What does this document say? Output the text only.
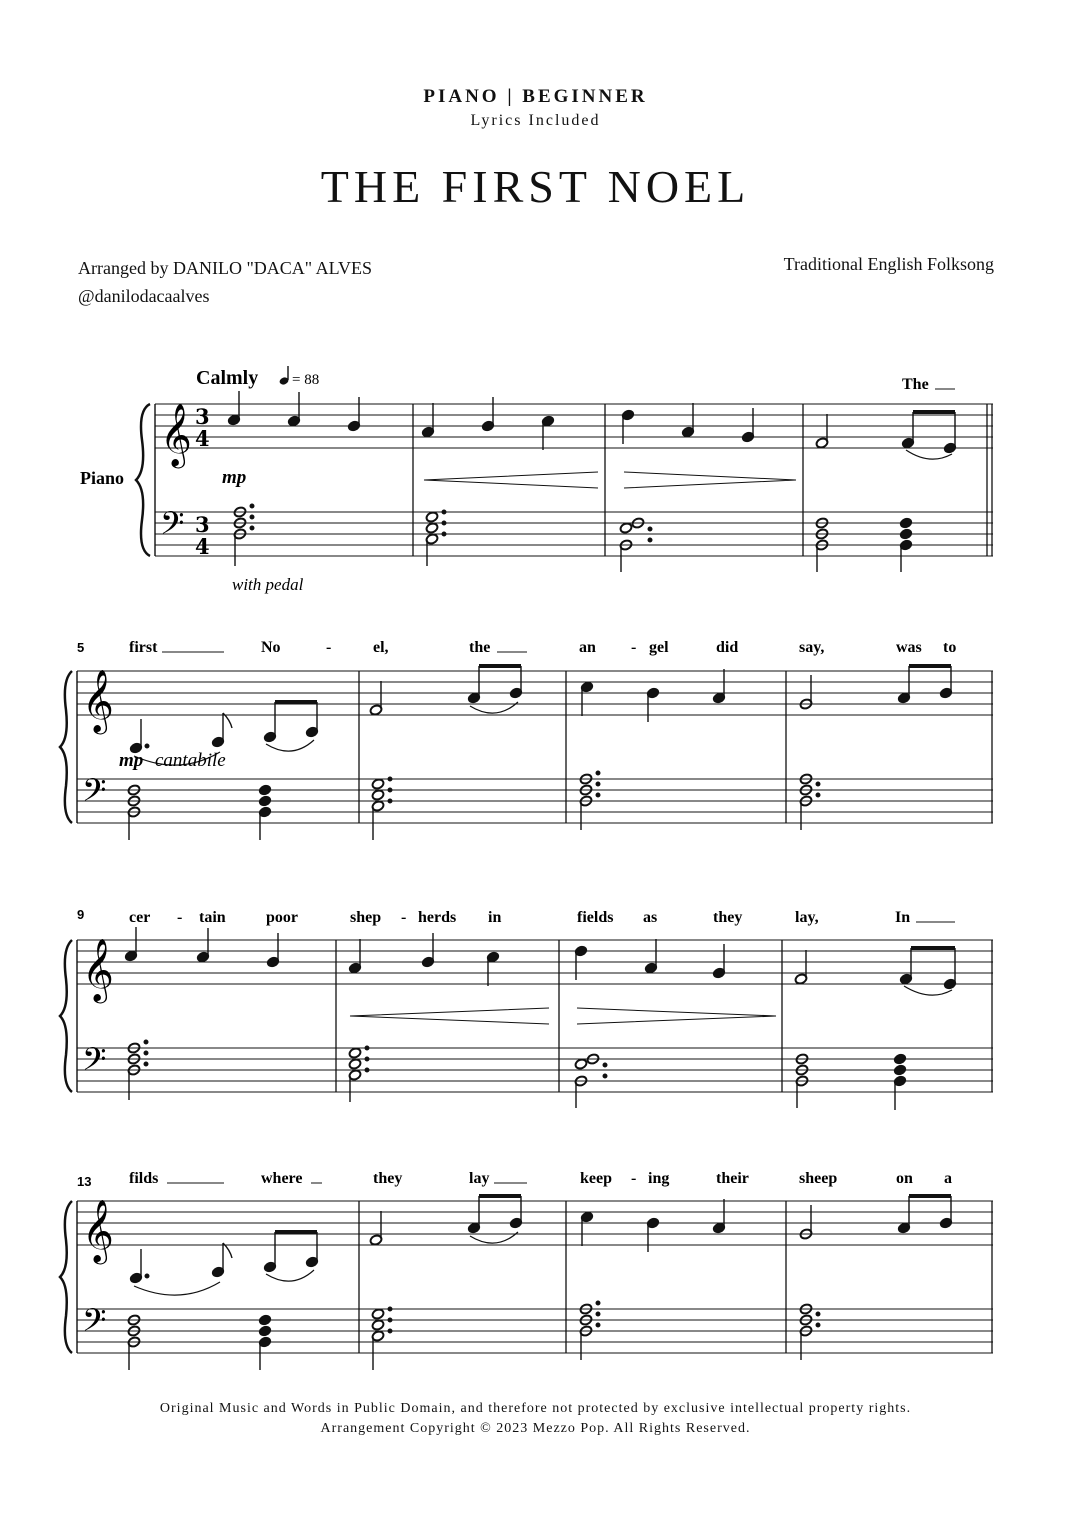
PIANO | BEGINNER
Lyrics Included
THE FIRST NOEL
Arranged by DANILO "DACA" ALVES
@danilodacaalves
Traditional English Folksong
Calmly = 88
Piano
The
𝄞
𝄢
3
4
3
4
mp
with pedal
5
𝄞
𝄢
first	No	-	el,	the	an - gel	did	say,	was to
mp cantabile
9
𝄞
𝄢
cer - tain	poor	shep - herds in	fields as	they	lay,	In
13
𝄞
𝄢
filds	where	they	lay	keep - ing	their	sheep	on a
Original Music and Words in Public Domain, and therefore not protected by exclusive intellectual property rights.
Arrangement Copyright © 2023 Mezzo Pop. All Rights Reserved.
